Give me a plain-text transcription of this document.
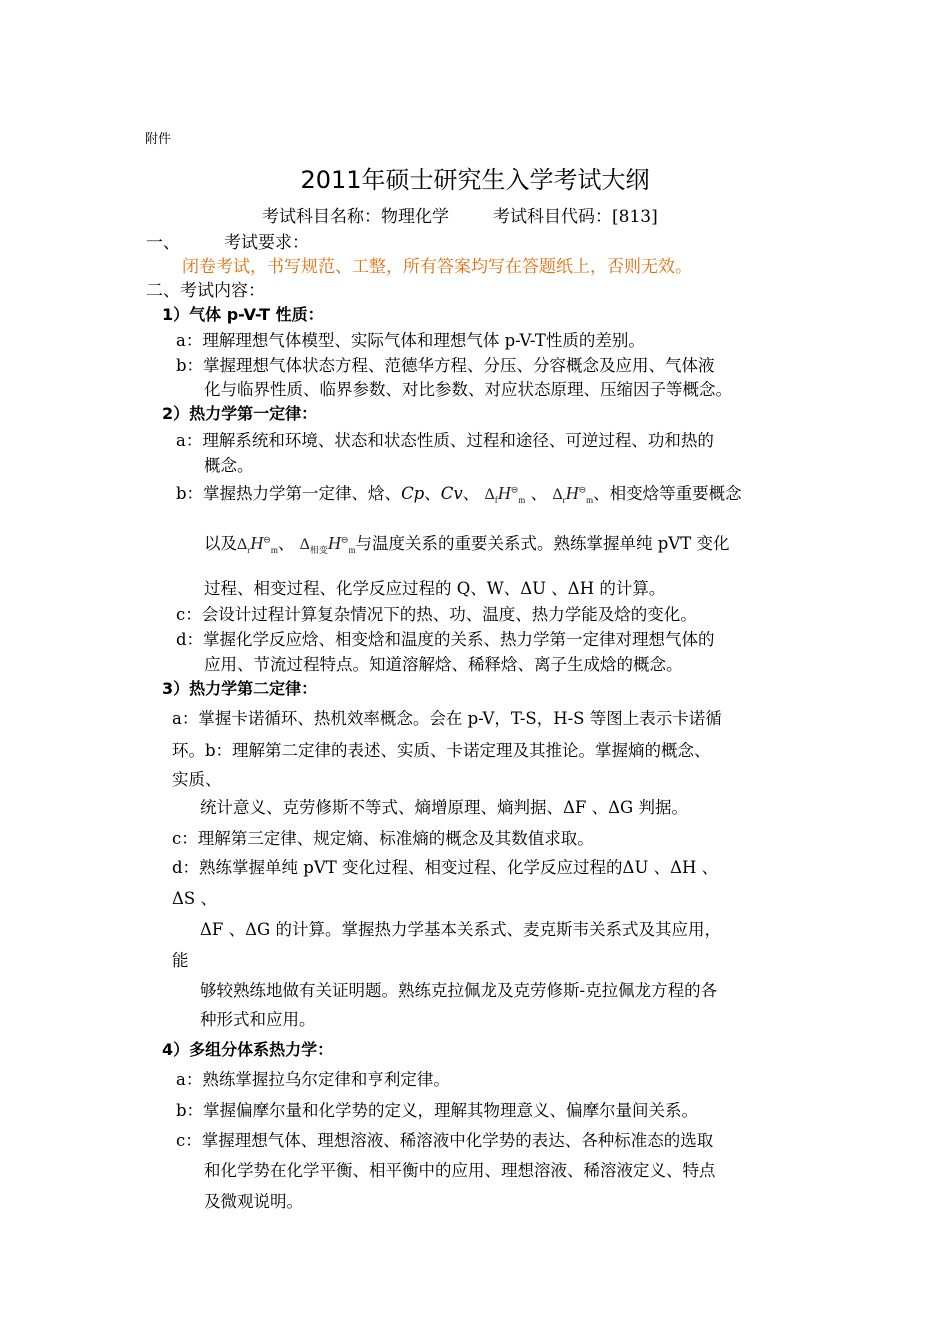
附件
2011年硕士研究生入学考试大纲
考试科目名称：物理化学	考试科目代码：[813]
一、	考试要求：
闭卷考试，书写规范、工整，所有答案均写在答题纸上，否则无效。
二、考试内容：
1）气体 p-V-T 性质：
a：理解理想气体模型、实际气体和理想气体 p-V-T性质的差别。
b：掌握理想气体状态方程、范德华方程、分压、分容概念及应用、气体液
化与临界性质、临界参数、对比参数、对应状态原理、压缩因子等概念。
2）热力学第一定律：
a：理解系统和环境、状态和状态性质、过程和途径、可逆过程、功和热的
概念。
b：掌握热力学第一定律、焓、Cp、Cv、 $\Delta_fH^⊖_m$ 、 $\Delta_rH^⊖_m$、相变焓等重要概念
以及$\Delta_rH^⊖_m$、 $\Delta_{相变}H^⊖_m$与温度关系的重要关系式。熟练掌握单纯 pVT 变化
过程、相变过程、化学反应过程的 Q、W、ΔU 、ΔH 的计算。
c：会设计过程计算复杂情况下的热、功、温度、热力学能及焓的变化。
d：掌握化学反应焓、相变焓和温度的关系、热力学第一定律对理想气体的
应用、节流过程特点。知道溶解焓、稀释焓、离子生成焓的概念。
3）热力学第二定律：
a：掌握卡诺循环、热机效率概念。会在 p-V，T-S，H-S 等图上表示卡诺循
环。b：理解第二定律的表述、实质、卡诺定理及其推论。掌握熵的概念、
实质、
统计意义、克劳修斯不等式、熵增原理、熵判据、ΔF 、ΔG 判据。
c：理解第三定律、规定熵、标准熵的概念及其数值求取。
d：熟练掌握单纯 pVT 变化过程、相变过程、化学反应过程的ΔU 、ΔH 、
ΔS 、
ΔF 、ΔG 的计算。掌握热力学基本关系式、麦克斯韦关系式及其应用，
能
够较熟练地做有关证明题。熟练克拉佩龙及克劳修斯-克拉佩龙方程的各
种形式和应用。
4）多组分体系热力学：
a：熟练掌握拉乌尔定律和亨利定律。
b：掌握偏摩尔量和化学势的定义，理解其物理意义、偏摩尔量间关系。
c：掌握理想气体、理想溶液、稀溶液中化学势的表达、各种标准态的选取
和化学势在化学平衡、相平衡中的应用、理想溶液、稀溶液定义、特点
及微观说明。
